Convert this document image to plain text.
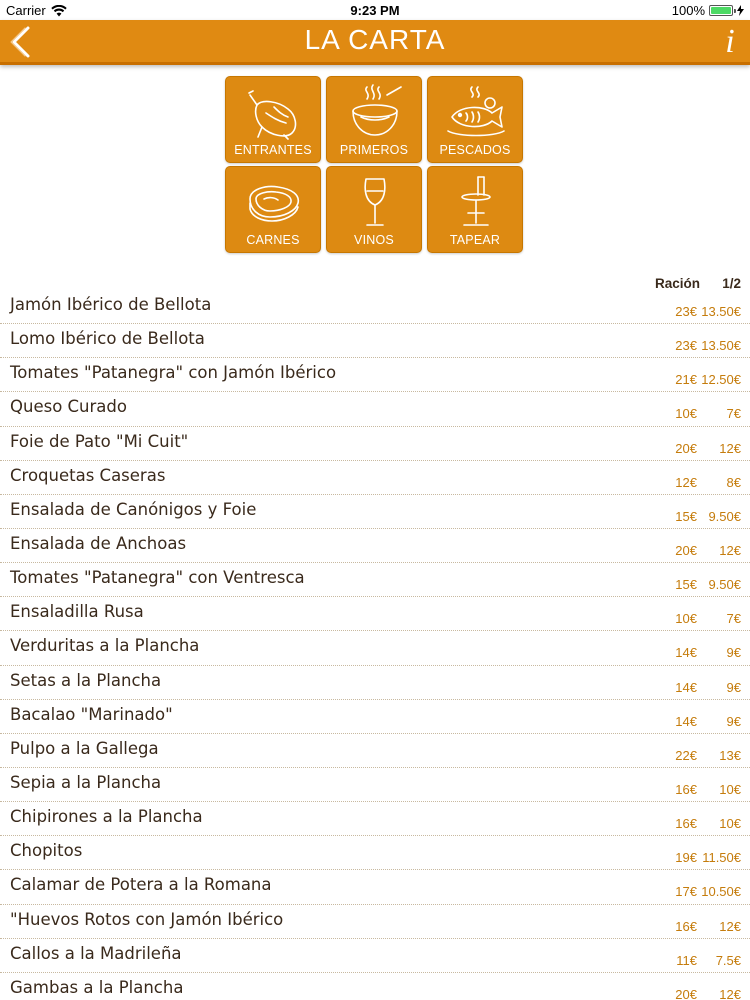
Carrier	9:23 PM	100%
LA CARTA	i
ENTRANTES	PRIMEROS	PESCADOS
CARNES	VINOS	TAPEAR
Ración 1/2
Jamón Ibérico de Bellota	23€ 13.50€
Lomo Ibérico de Bellota	23€ 13.50€
Tomates "Patanegra" con Jamón Ibérico	21€ 12.50€
Queso Curado	10€ 7€
Foie de Pato "Mi Cuit"	20€ 12€
Croquetas Caseras	12€ 8€
Ensalada de Canónigos y Foie	15€ 9.50€
Ensalada de Anchoas	20€ 12€
Tomates "Patanegra" con Ventresca	15€ 9.50€
Ensaladilla Rusa	10€ 7€
Verduritas a la Plancha	14€ 9€
Setas a la Plancha	14€ 9€
Bacalao "Marinado"	14€ 9€
Pulpo a la Gallega	22€ 13€
Sepia a la Plancha	16€ 10€
Chipirones a la Plancha	16€ 10€
Chopitos	19€ 11.50€
Calamar de Potera a la Romana	17€ 10.50€
"Huevos Rotos con Jamón Ibérico	16€ 12€
Callos a la Madrileña	11€ 7.5€
Gambas a la Plancha	20€ 12€
